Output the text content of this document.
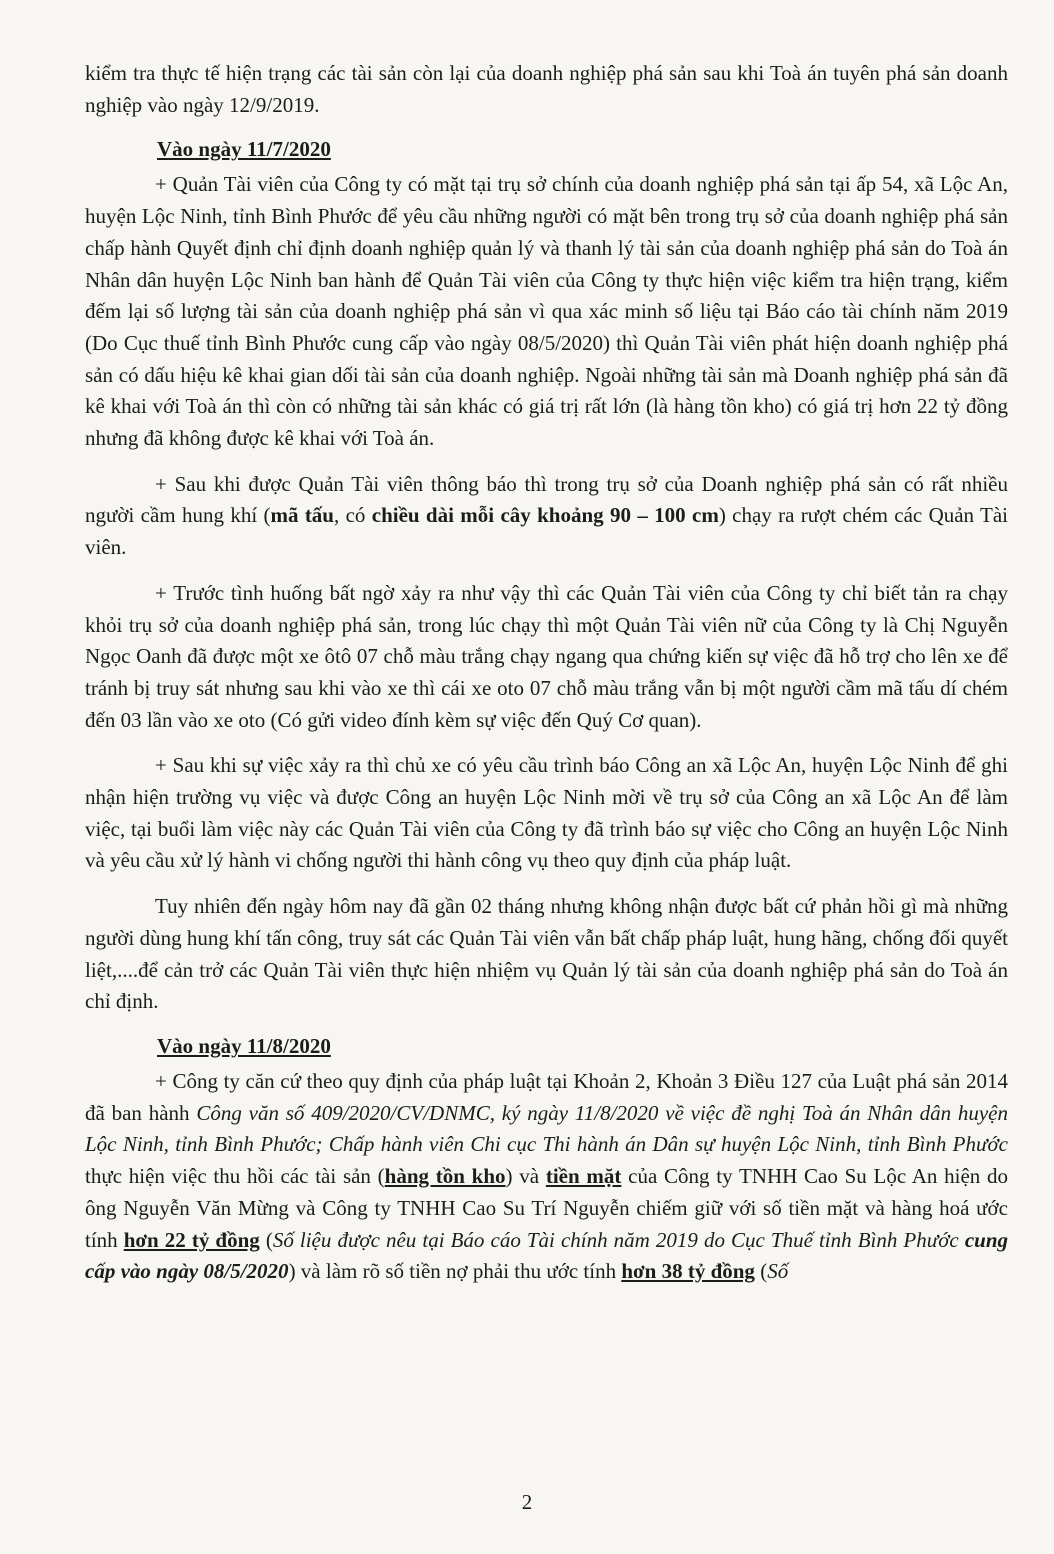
kiểm tra thực tế hiện trạng các tài sản còn lại của doanh nghiệp phá sản sau khi Toà án tuyên phá sản doanh nghiệp vào ngày 12/9/2019.

Vào ngày 11/7/2020

+ Quản Tài viên của Công ty có mặt tại trụ sở chính của doanh nghiệp phá sản tại ấp 54, xã Lộc An, huyện Lộc Ninh, tỉnh Bình Phước để yêu cầu những người có mặt bên trong trụ sở của doanh nghiệp phá sản chấp hành Quyết định chỉ định doanh nghiệp quản lý và thanh lý tài sản của doanh nghiệp phá sản do Toà án Nhân dân huyện Lộc Ninh ban hành để Quản Tài viên của Công ty thực hiện việc kiểm tra hiện trạng, kiểm đếm lại số lượng tài sản của doanh nghiệp phá sản vì qua xác minh số liệu tại Báo cáo tài chính năm 2019 (Do Cục thuế tỉnh Bình Phước cung cấp vào ngày 08/5/2020) thì Quản Tài viên phát hiện doanh nghiệp phá sản có dấu hiệu kê khai gian dối tài sản của doanh nghiệp. Ngoài những tài sản mà Doanh nghiệp phá sản đã kê khai với Toà án thì còn có những tài sản khác có giá trị rất lớn (là hàng tồn kho) có giá trị hơn 22 tỷ đồng nhưng đã không được kê khai với Toà án.

+ Sau khi được Quản Tài viên thông báo thì trong trụ sở của Doanh nghiệp phá sản có rất nhiều người cầm hung khí (mã tấu, có chiều dài mỗi cây khoảng 90 – 100 cm) chạy ra rượt chém các Quản Tài viên.

+ Trước tình huống bất ngờ xảy ra như vậy thì các Quản Tài viên của Công ty chỉ biết tản ra chạy khỏi trụ sở của doanh nghiệp phá sản, trong lúc chạy thì một Quản Tài viên nữ của Công ty là Chị Nguyễn Ngọc Oanh đã được một xe ôtô 07 chỗ màu trắng chạy ngang qua chứng kiến sự việc đã hỗ trợ cho lên xe để tránh bị truy sát nhưng sau khi vào xe thì cái xe oto 07 chỗ màu trắng vẫn bị một người cầm mã tấu dí chém đến 03 lần vào xe oto (Có gửi video đính kèm sự việc đến Quý Cơ quan).

+ Sau khi sự việc xảy ra thì chủ xe có yêu cầu trình báo Công an xã Lộc An, huyện Lộc Ninh để ghi nhận hiện trường vụ việc và được Công an huyện Lộc Ninh mời về trụ sở của Công an xã Lộc An để làm việc, tại buổi làm việc này các Quản Tài viên của Công ty đã trình báo sự việc cho Công an huyện Lộc Ninh và yêu cầu xử lý hành vi chống người thi hành công vụ theo quy định của pháp luật.

Tuy nhiên đến ngày hôm nay đã gần 02 tháng nhưng không nhận được bất cứ phản hồi gì mà những người dùng hung khí tấn công, truy sát các Quản Tài viên vẫn bất chấp pháp luật, hung hãng, chống đối quyết liệt,....để cản trở các Quản Tài viên thực hiện nhiệm vụ Quản lý tài sản của doanh nghiệp phá sản do Toà án chỉ định.

Vào ngày 11/8/2020

+ Công ty căn cứ theo quy định của pháp luật tại Khoản 2, Khoản 3 Điều 127 của Luật phá sản 2014 đã ban hành Công văn số 409/2020/CV/DNMC, ký ngày 11/8/2020 về việc đề nghị Toà án Nhân dân huyện Lộc Ninh, tỉnh Bình Phước; Chấp hành viên Chi cục Thi hành án Dân sự huyện Lộc Ninh, tỉnh Bình Phước thực hiện việc thu hồi các tài sản (hàng tồn kho) và tiền mặt của Công ty TNHH Cao Su Lộc An hiện do ông Nguyễn Văn Mừng và Công ty TNHH Cao Su Trí Nguyễn chiếm giữ với số tiền mặt và hàng hoá ước tính hơn 22 tỷ đồng (Số liệu được nêu tại Báo cáo Tài chính năm 2019 do Cục Thuế tỉnh Bình Phước cung cấp vào ngày 08/5/2020) và làm rõ số tiền nợ phải thu ước tính hơn 38 tỷ đồng (Số

2
